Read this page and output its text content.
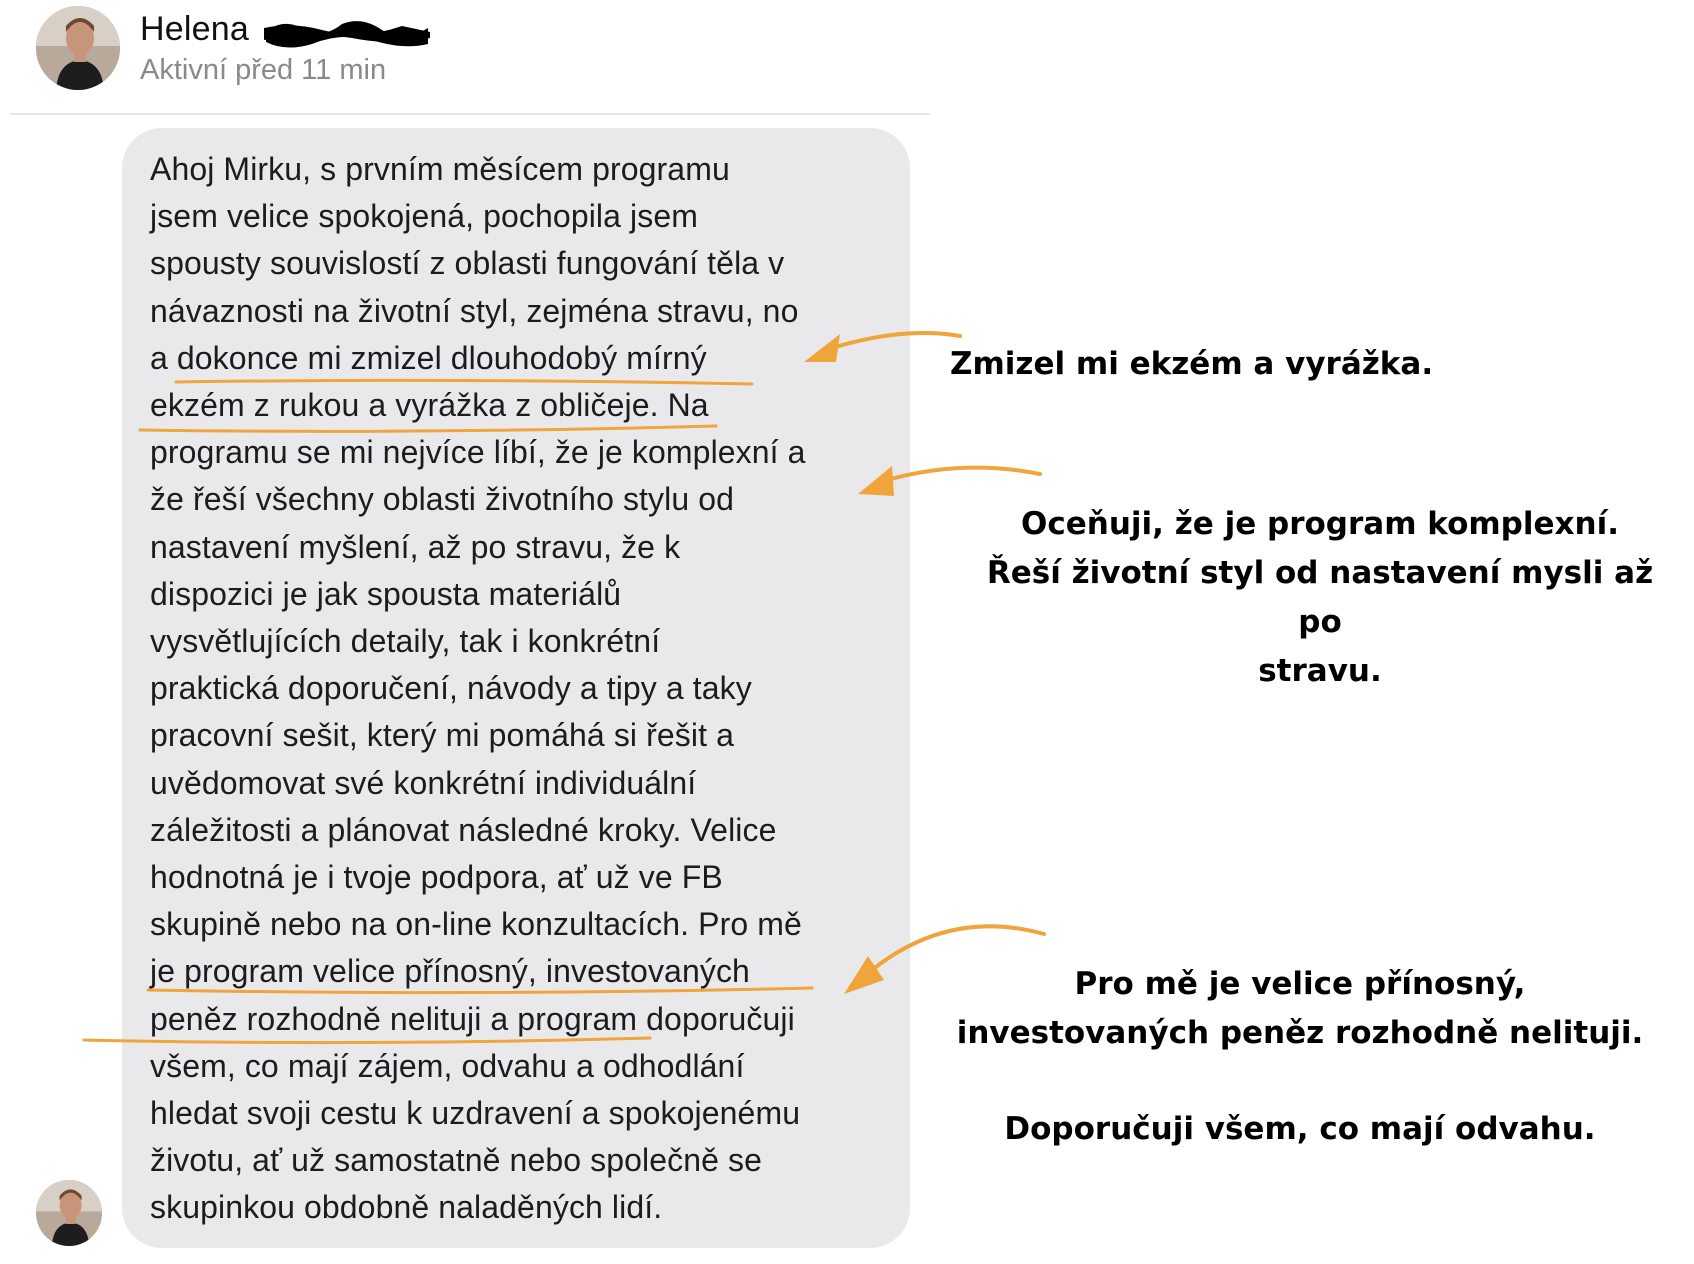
Helena
Aktivní před 11 min
Ahoj Mirku, s prvním měsícem programu
jsem velice spokojená, pochopila jsem
spousty souvislostí z oblasti fungování těla v
návaznosti na životní styl, zejména stravu, no
a dokonce mi zmizel dlouhodobý mírný
ekzém z rukou a vyrážka z obličeje. Na
programu se mi nejvíce líbí, že je komplexní a
že řeší všechny oblasti životního stylu od
nastavení myšlení, až po stravu, že k
dispozici je jak spousta materiálů
vysvětlujících detaily, tak i konkrétní
praktická doporučení, návody a tipy a taky
pracovní sešit, který mi pomáhá si řešit a
uvědomovat své konkrétní individuální
záležitosti a plánovat následné kroky. Velice
hodnotná je i tvoje podpora, ať už ve FB
skupině nebo na on-line konzultacích. Pro mě
je program velice přínosný, investovaných
peněz rozhodně nelituji a program doporučuji
všem, co mají zájem, odvahu a odhodlání
hledat svoji cestu k uzdravení a spokojenému
životu, ať už samostatně nebo společně se
skupinkou obdobně naladěných lidí.
Zmizel mi ekzém a vyrážka.
Oceňuji, že je program komplexní.
Řeší životní styl od nastavení mysli až po
stravu.
Pro mě je velice přínosný,
investovaných peněz rozhodně nelituji.
Doporučuji všem, co mají odvahu.
